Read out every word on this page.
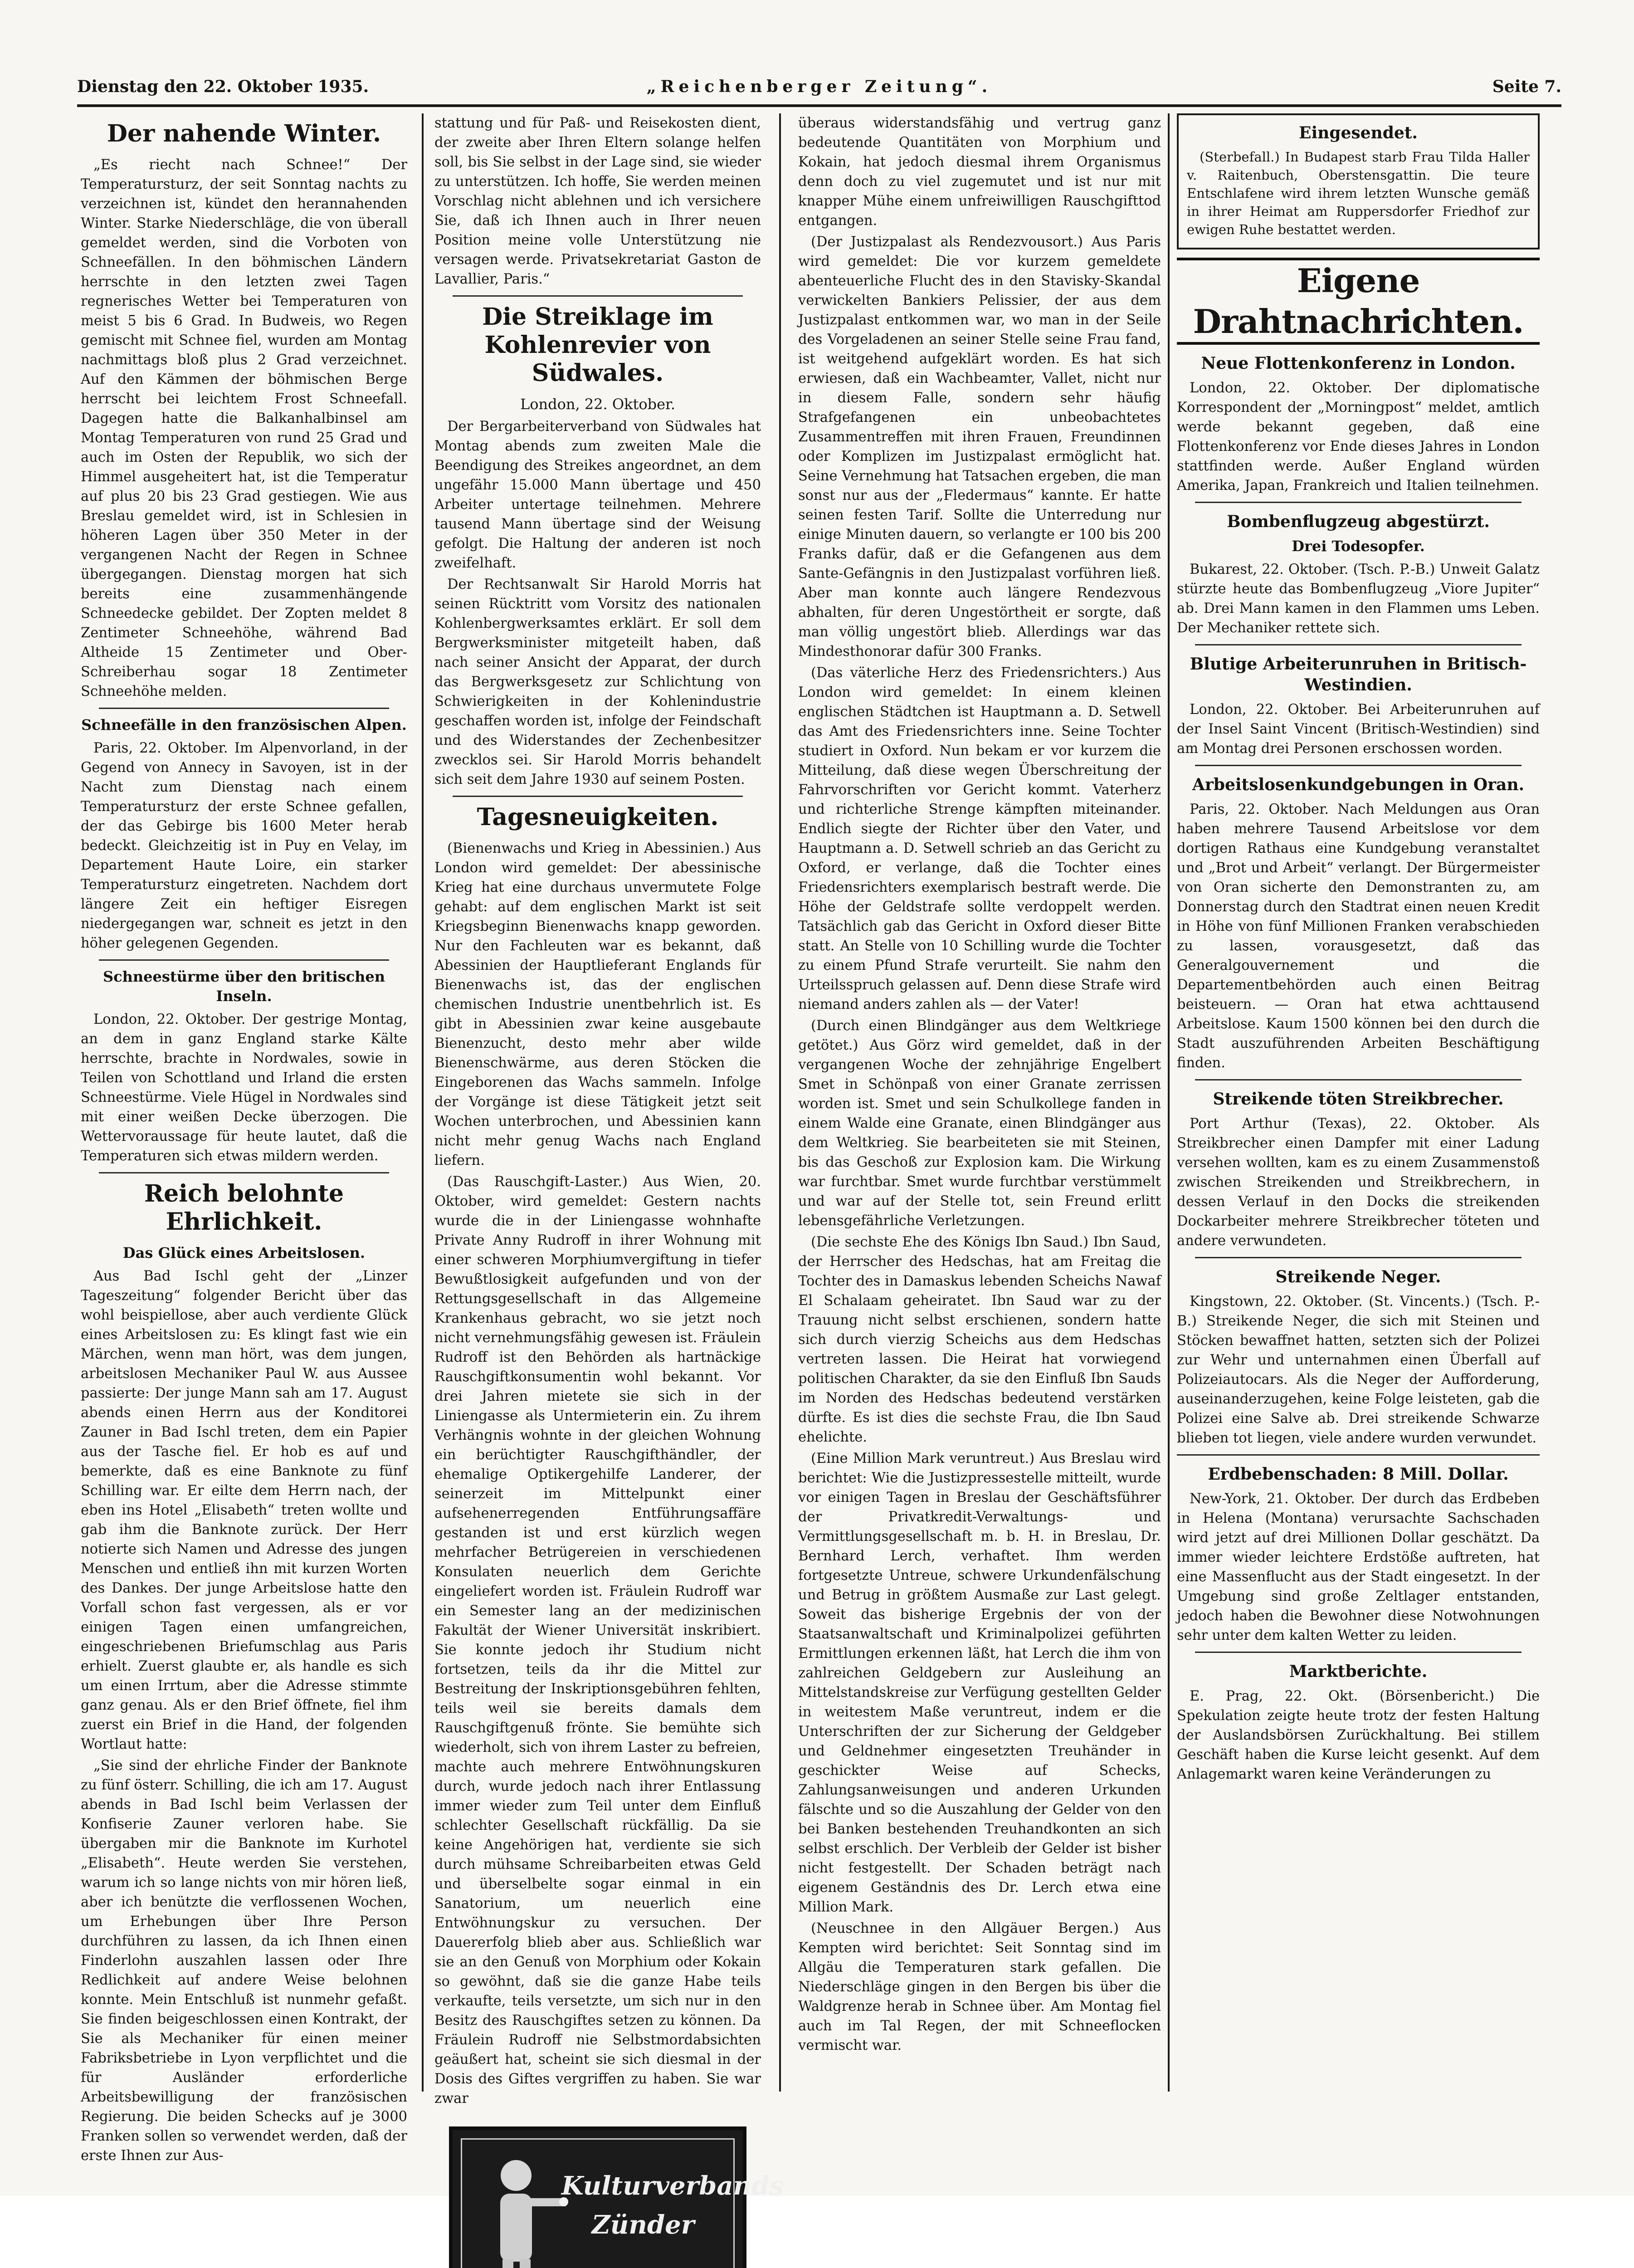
Dienstag den 22. Oktober 1935.	„Reichenberger Zeitung“.	Seite 7.
Der nahende Winter.

„Es riecht nach Schnee!“ Der Temperatursturz, der seit Sonntag nachts zu verzeichnen ist, kündet den herannahenden Winter. Starke Niederschläge, die von überall gemeldet werden, sind die Vorboten von Schneefällen. In den böhmischen Ländern herrschte in den letzten zwei Tagen regnerisches Wetter bei Temperaturen von meist 5 bis 6 Grad. In Budweis, wo Regen gemischt mit Schnee fiel, wurden am Montag nachmittags bloß plus 2 Grad verzeichnet. Auf den Kämmen der böhmischen Berge herrscht bei leichtem Frost Schneefall. Dagegen hatte die Balkanhalbinsel am Montag Temperaturen von rund 25 Grad und auch im Osten der Republik, wo sich der Himmel ausgeheitert hat, ist die Temperatur auf plus 20 bis 23 Grad gestiegen. Wie aus Breslau gemeldet wird, ist in Schlesien in höheren Lagen über 350 Meter in der vergangenen Nacht der Regen in Schnee übergegangen. Dienstag morgen hat sich bereits eine zusammenhängende Schneedecke gebildet. Der Zopten meldet 8 Zentimeter Schneehöhe, während Bad Altheide 15 Zentimeter und Ober-Schreiberhau sogar 18 Zentimeter Schneehöhe melden.

Schneefälle in den französischen Alpen.

Paris, 22. Oktober. Im Alpenvorland, in der Gegend von Annecy in Savoyen, ist in der Nacht zum Dienstag nach einem Temperatursturz der erste Schnee gefallen, der das Gebirge bis 1600 Meter herab bedeckt. Gleichzeitig ist in Puy en Velay, im Departement Haute Loire, ein starker Temperatursturz eingetreten. Nachdem dort längere Zeit ein heftiger Eisregen niedergegangen war, schneit es jetzt in den höher gelegenen Gegenden.

Schneestürme über den britischen Inseln.

London, 22. Oktober. Der gestrige Montag, an dem in ganz England starke Kälte herrschte, brachte in Nordwales, sowie in Teilen von Schottland und Irland die ersten Schneestürme. Viele Hügel in Nordwales sind mit einer weißen Decke überzogen. Die Wettervoraussage für heute lautet, daß die Temperaturen sich etwas mildern werden.

Reich belohnte Ehrlichkeit.
Das Glück eines Arbeitslosen.

Aus Bad Ischl geht der „Linzer Tageszeitung“ folgender Bericht über das wohl beispiellose, aber auch verdiente Glück eines Arbeitslosen zu: Es klingt fast wie ein Märchen, wenn man hört, was dem jungen, arbeitslosen Mechaniker Paul W. aus Aussee passierte: Der junge Mann sah am 17. August abends einen Herrn aus der Konditorei Zauner in Bad Ischl treten, dem ein Papier aus der Tasche fiel. Er hob es auf und bemerkte, daß es eine Banknote zu fünf Schilling war. Er eilte dem Herrn nach, der eben ins Hotel „Elisabeth“ treten wollte und gab ihm die Banknote zurück. Der Herr notierte sich Namen und Adresse des jungen Menschen und entließ ihn mit kurzen Worten des Dankes. Der junge Arbeitslose hatte den Vorfall schon fast vergessen, als er vor einigen Tagen einen umfangreichen, eingeschriebenen Briefumschlag aus Paris erhielt. Zuerst glaubte er, als handle es sich um einen Irrtum, aber die Adresse stimmte ganz genau. Als er den Brief öffnete, fiel ihm zuerst ein Brief in die Hand, der folgenden Wortlaut hatte:

„Sie sind der ehrliche Finder der Banknote zu fünf österr. Schilling, die ich am 17. August abends in Bad Ischl beim Verlassen der Konfiserie Zauner verloren habe. Sie übergaben mir die Banknote im Kurhotel „Elisabeth“. Heute werden Sie verstehen, warum ich so lange nichts von mir hören ließ, aber ich benützte die verflossenen Wochen, um Erhebungen über Ihre Person durchführen zu lassen, da ich Ihnen einen Finderlohn auszahlen lassen oder Ihre Redlichkeit auf andere Weise belohnen konnte. Mein Entschluß ist nunmehr gefaßt. Sie finden beigeschlossen einen Kontrakt, der Sie als Mechaniker für einen meiner Fabriksbetriebe in Lyon verpflichtet und die für Ausländer erforderliche Arbeitsbewilligung der französischen Regierung. Die beiden Schecks auf je 3000 Franken sollen so verwendet werden, daß der erste Ihnen zur Aus-

stattung und für Paß- und Reisekosten dient, der zweite aber Ihren Eltern solange helfen soll, bis Sie selbst in der Lage sind, sie wieder zu unterstützen. Ich hoffe, Sie werden meinen Vorschlag nicht ablehnen und ich versichere Sie, daß ich Ihnen auch in Ihrer neuen Position meine volle Unterstützung nie versagen werde. Privatsekretariat Gaston de Lavallier, Paris.“

Die Streiklage im Kohlenrevier von Südwales.
London, 22. Oktober.

Der Bergarbeiterverband von Südwales hat Montag abends zum zweiten Male die Beendigung des Streikes angeordnet, an dem ungefähr 15.000 Mann übertage und 450 Arbeiter untertage teilnehmen. Mehrere tausend Mann übertage sind der Weisung gefolgt. Die Haltung der anderen ist noch zweifelhaft.

Der Rechtsanwalt Sir Harold Morris hat seinen Rücktritt vom Vorsitz des nationalen Kohlenbergwerksamtes erklärt. Er soll dem Bergwerksminister mitgeteilt haben, daß nach seiner Ansicht der Apparat, der durch das Bergwerksgesetz zur Schlichtung von Schwierigkeiten in der Kohlenindustrie geschaffen worden ist, infolge der Feindschaft und des Widerstandes der Zechenbesitzer zwecklos sei. Sir Harold Morris behandelt sich seit dem Jahre 1930 auf seinem Posten.

Tagesneuigkeiten.

(Bienenwachs und Krieg in Abessinien.) Aus London wird gemeldet: Der abessinische Krieg hat eine durchaus unvermutete Folge gehabt: auf dem englischen Markt ist seit Kriegsbeginn Bienenwachs knapp geworden. Nur den Fachleuten war es bekannt, daß Abessinien der Hauptlieferant Englands für Bienenwachs ist, das der englischen chemischen Industrie unentbehrlich ist. Es gibt in Abessinien zwar keine ausgebaute Bienenzucht, desto mehr aber wilde Bienenschwärme, aus deren Stöcken die Eingeborenen das Wachs sammeln. Infolge der Vorgänge ist diese Tätigkeit jetzt seit Wochen unterbrochen, und Abessinien kann nicht mehr genug Wachs nach England liefern.

(Das Rauschgift-Laster.) Aus Wien, 20. Oktober, wird gemeldet: Gestern nachts wurde die in der Liniengasse wohnhafte Private Anny Rudroff in ihrer Wohnung mit einer schweren Morphiumvergiftung in tiefer Bewußtlosigkeit aufgefunden und von der Rettungsgesellschaft in das Allgemeine Krankenhaus gebracht, wo sie jetzt noch nicht vernehmungsfähig gewesen ist. Fräulein Rudroff ist den Behörden als hartnäckige Rauschgiftkonsumentin wohl bekannt. Vor drei Jahren mietete sie sich in der Liniengasse als Untermieterin ein. Zu ihrem Verhängnis wohnte in der gleichen Wohnung ein berüchtigter Rauschgifthändler, der ehemalige Optikergehilfe Landerer, der seinerzeit im Mittelpunkt einer aufsehenerregenden Entführungsaffäre gestanden ist und erst kürzlich wegen mehrfacher Betrügereien in verschiedenen Konsulaten neuerlich dem Gerichte eingeliefert worden ist. Fräulein Rudroff war ein Semester lang an der medizinischen Fakultät der Wiener Universität inskribiert. Sie konnte jedoch ihr Studium nicht fortsetzen, teils da ihr die Mittel zur Bestreitung der Inskriptionsgebühren fehlten, teils weil sie bereits damals dem Rauschgiftgenuß frönte. Sie bemühte sich wiederholt, sich von ihrem Laster zu befreien, machte auch mehrere Entwöhnungskuren durch, wurde jedoch nach ihrer Entlassung immer wieder zum Teil unter dem Einfluß schlechter Gesellschaft rückfällig. Da sie keine Angehörigen hat, verdiente sie sich durch mühsame Schreibarbeiten etwas Geld und überselbelte sogar einmal in ein Sanatorium, um neuerlich eine Entwöhnungskur zu versuchen. Der Dauererfolg blieb aber aus. Schließlich war sie an den Genuß von Morphium oder Kokain so gewöhnt, daß sie die ganze Habe teils verkaufte, teils versetzte, um sich nur in den Besitz des Rauschgiftes setzen zu können. Da Fräulein Rudroff nie Selbstmordabsichten geäußert hat, scheint sie sich diesmal in der Dosis des Giftes vergriffen zu haben. Sie war zwar

Kulturverbands
Zünder

überaus widerstandsfähig und vertrug ganz bedeutende Quantitäten von Morphium und Kokain, hat jedoch diesmal ihrem Organismus denn doch zu viel zugemutet und ist nur mit knapper Mühe einem unfreiwilligen Rauschgifttod entgangen.

(Der Justizpalast als Rendezvousort.) Aus Paris wird gemeldet: Die vor kurzem gemeldete abenteuerliche Flucht des in den Stavisky-Skandal verwickelten Bankiers Pelissier, der aus dem Justizpalast entkommen war, wo man in der Seile des Vorgeladenen an seiner Stelle seine Frau fand, ist weitgehend aufgeklärt worden. Es hat sich erwiesen, daß ein Wachbeamter, Vallet, nicht nur in diesem Falle, sondern sehr häufig Strafgefangenen ein unbeobachtetes Zusammentreffen mit ihren Frauen, Freundinnen oder Komplizen im Justizpalast ermöglicht hat. Seine Vernehmung hat Tatsachen ergeben, die man sonst nur aus der „Fledermaus“ kannte. Er hatte seinen festen Tarif. Sollte die Unterredung nur einige Minuten dauern, so verlangte er 100 bis 200 Franks dafür, daß er die Gefangenen aus dem Sante-Gefängnis in den Justizpalast vorführen ließ. Aber man konnte auch längere Rendezvous abhalten, für deren Ungestörtheit er sorgte, daß man völlig ungestört blieb. Allerdings war das Mindesthonorar dafür 300 Franks.

(Das väterliche Herz des Friedensrichters.) Aus London wird gemeldet: In einem kleinen englischen Städtchen ist Hauptmann a. D. Setwell das Amt des Friedensrichters inne. Seine Tochter studiert in Oxford. Nun bekam er vor kurzem die Mitteilung, daß diese wegen Überschreitung der Fahrvorschriften vor Gericht kommt. Vaterherz und richterliche Strenge kämpften miteinander. Endlich siegte der Richter über den Vater, und Hauptmann a. D. Setwell schrieb an das Gericht zu Oxford, er verlange, daß die Tochter eines Friedensrichters exemplarisch bestraft werde. Die Höhe der Geldstrafe sollte verdoppelt werden. Tatsächlich gab das Gericht in Oxford dieser Bitte statt. An Stelle von 10 Schilling wurde die Tochter zu einem Pfund Strafe verurteilt. Sie nahm den Urteilsspruch gelassen auf. Denn diese Strafe wird niemand anders zahlen als — der Vater!

(Durch einen Blindgänger aus dem Weltkriege getötet.) Aus Görz wird gemeldet, daß in der vergangenen Woche der zehnjährige Engelbert Smet in Schönpaß von einer Granate zerrissen worden ist. Smet und sein Schulkollege fanden in einem Walde eine Granate, einen Blindgänger aus dem Weltkrieg. Sie bearbeiteten sie mit Steinen, bis das Geschoß zur Explosion kam. Die Wirkung war furchtbar. Smet wurde furchtbar verstümmelt und war auf der Stelle tot, sein Freund erlitt lebensgefährliche Verletzungen.

(Die sechste Ehe des Königs Ibn Saud.) Ibn Saud, der Herrscher des Hedschas, hat am Freitag die Tochter des in Damaskus lebenden Scheichs Nawaf El Schalaam geheiratet. Ibn Saud war zu der Trauung nicht selbst erschienen, sondern hatte sich durch vierzig Scheichs aus dem Hedschas vertreten lassen. Die Heirat hat vorwiegend politischen Charakter, da sie den Einfluß Ibn Sauds im Norden des Hedschas bedeutend verstärken dürfte. Es ist dies die sechste Frau, die Ibn Saud ehelichte.

(Eine Million Mark veruntreut.) Aus Breslau wird berichtet: Wie die Justizpressestelle mitteilt, wurde vor einigen Tagen in Breslau der Geschäftsführer der Privatkredit-Verwaltungs- und Vermittlungsgesellschaft m. b. H. in Breslau, Dr. Bernhard Lerch, verhaftet. Ihm werden fortgesetzte Untreue, schwere Urkundenfälschung und Betrug in größtem Ausmaße zur Last gelegt. Soweit das bisherige Ergebnis der von der Staatsanwaltschaft und Kriminalpolizei geführten Ermittlungen erkennen läßt, hat Lerch die ihm von zahlreichen Geldgebern zur Ausleihung an Mittelstandskreise zur Verfügung gestellten Gelder in weitestem Maße veruntreut, indem er die Unterschriften der zur Sicherung der Geldgeber und Geldnehmer eingesetzten Treuhänder in geschickter Weise auf Schecks, Zahlungsanweisungen und anderen Urkunden fälschte und so die Auszahlung der Gelder von den bei Banken bestehenden Treuhandkonten an sich selbst erschlich. Der Verbleib der Gelder ist bisher nicht festgestellt. Der Schaden beträgt nach eigenem Geständnis des Dr. Lerch etwa eine Million Mark.

(Neuschnee in den Allgäuer Bergen.) Aus Kempten wird berichtet: Seit Sonntag sind im Allgäu die Temperaturen stark gefallen. Die Niederschläge gingen in den Bergen bis über die Waldgrenze herab in Schnee über. Am Montag fiel auch im Tal Regen, der mit Schneeflocken vermischt war.

Eingesendet.

(Sterbefall.) In Budapest starb Frau Tilda Haller v. Raitenbuch, Oberstensgattin. Die teure Entschlafene wird ihrem letzten Wunsche gemäß in ihrer Heimat am Ruppersdorfer Friedhof zur ewigen Ruhe bestattet werden.

Eigene Drahtnachrichten.
Neue Flottenkonferenz in London.

London, 22. Oktober. Der diplomatische Korrespondent der „Morningpost“ meldet, amtlich werde bekannt gegeben, daß eine Flottenkonferenz vor Ende dieses Jahres in London stattfinden werde. Außer England würden Amerika, Japan, Frankreich und Italien teilnehmen.

Bombenflugzeug abgestürzt.
Drei Todesopfer.

Bukarest, 22. Oktober. (Tsch. P.-B.) Unweit Galatz stürzte heute das Bombenflugzeug „Viore Jupiter“ ab. Drei Mann kamen in den Flammen ums Leben. Der Mechaniker rettete sich.

Blutige Arbeiterunruhen in Britisch-Westindien.

London, 22. Oktober. Bei Arbeiterunruhen auf der Insel Saint Vincent (Britisch-Westindien) sind am Montag drei Personen erschossen worden.

Arbeitslosenkundgebungen in Oran.

Paris, 22. Oktober. Nach Meldungen aus Oran haben mehrere Tausend Arbeitslose vor dem dortigen Rathaus eine Kundgebung veranstaltet und „Brot und Arbeit“ verlangt. Der Bürgermeister von Oran sicherte den Demonstranten zu, am Donnerstag durch den Stadtrat einen neuen Kredit in Höhe von fünf Millionen Franken verabschieden zu lassen, vorausgesetzt, daß das Generalgouvernement und die Departementbehörden auch einen Beitrag beisteuern. — Oran hat etwa achttausend Arbeitslose. Kaum 1500 können bei den durch die Stadt auszuführenden Arbeiten Beschäftigung finden.

Streikende töten Streikbrecher.

Port Arthur (Texas), 22. Oktober. Als Streikbrecher einen Dampfer mit einer Ladung versehen wollten, kam es zu einem Zusammenstoß zwischen Streikenden und Streikbrechern, in dessen Verlauf in den Docks die streikenden Dockarbeiter mehrere Streikbrecher töteten und andere verwundeten.

Streikende Neger.

Kingstown, 22. Oktober. (St. Vincents.) (Tsch. P.-B.) Streikende Neger, die sich mit Steinen und Stöcken bewaffnet hatten, setzten sich der Polizei zur Wehr und unternahmen einen Überfall auf Polizeiautocars. Als die Neger der Aufforderung, auseinanderzugehen, keine Folge leisteten, gab die Polizei eine Salve ab. Drei streikende Schwarze blieben tot liegen, viele andere wurden verwundet.

Erdbebenschaden: 8 Mill. Dollar.

New-York, 21. Oktober. Der durch das Erdbeben in Helena (Montana) verursachte Sachschaden wird jetzt auf drei Millionen Dollar geschätzt. Da immer wieder leichtere Erdstöße auftreten, hat eine Massenflucht aus der Stadt eingesetzt. In der Umgebung sind große Zeltlager entstanden, jedoch haben die Bewohner diese Notwohnungen sehr unter dem kalten Wetter zu leiden.

Marktberichte.

E. Prag, 22. Okt. (Börsenbericht.) Die Spekulation zeigte heute trotz der festen Haltung der Auslandsbörsen Zurückhaltung. Bei stillem Geschäft haben die Kurse leicht gesenkt. Auf dem Anlagemarkt waren keine Veränderungen zu
